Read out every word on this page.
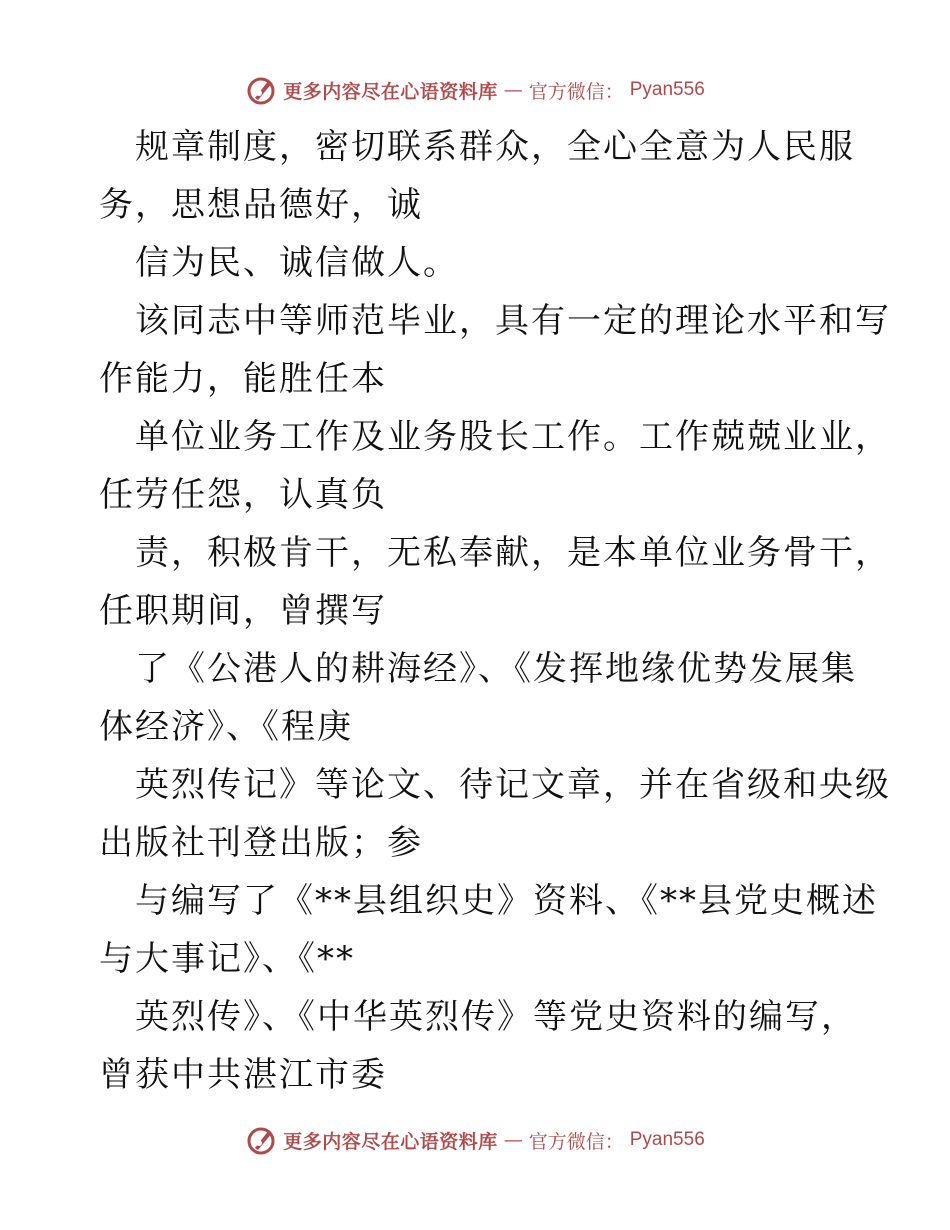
更多内容尽在心语资料库 — 官方微信： Pyan556
规章制度，密切联系群众，全心全意为人民服
务，思想品德好，诚
信为民、诚信做人。
该同志中等师范毕业，具有一定的理论水平和写
作能力，能胜任本
单位业务工作及业务股长工作。工作兢兢业业，
任劳任怨，认真负
责，积极肯干，无私奉献，是本单位业务骨干，
任职期间，曾撰写
了《公港人的耕海经》、《发挥地缘优势发展集
体经济》、《程庚
英烈传记》等论文、待记文章，并在省级和央级
出版社刊登出版；参
与编写了《**县组织史》资料、《**县党史概述
与大事记》、《**
英烈传》、《中华英烈传》等党史资料的编写，
曾获中共湛江市委
更多内容尽在心语资料库 — 官方微信： Pyan556
